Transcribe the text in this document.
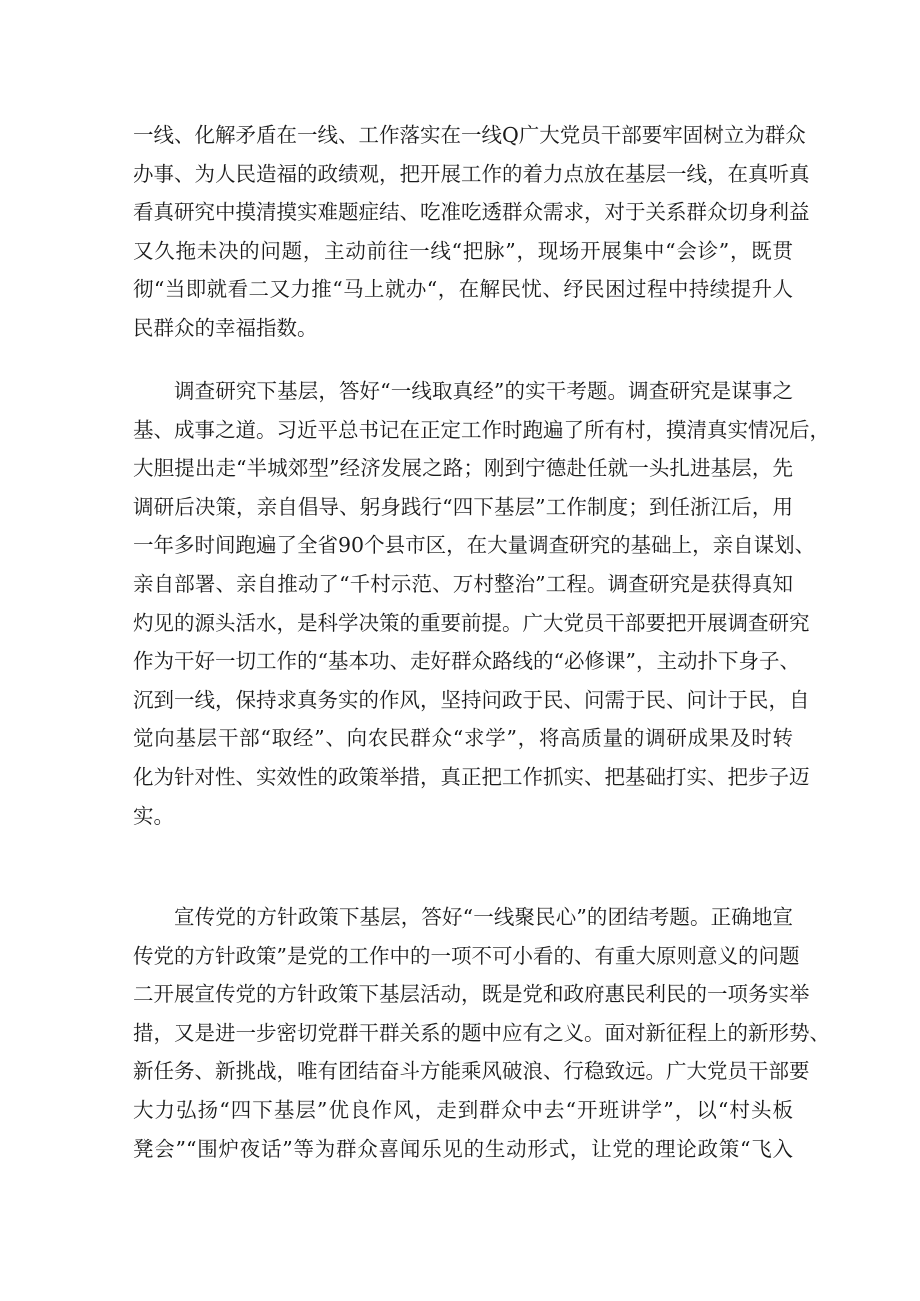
一线、化解矛盾在一线、工作落实在一线Q广大党员干部要牢固树立为群众
办事、为人民造福的政绩观，把开展工作的着力点放在基层一线，在真听真
看真研究中摸清摸实难题症结、吃准吃透群众需求，对于关系群众切身利益
又久拖未决的问题，主动前往一线“把脉”，现场开展集中“会诊”，既贯
彻“当即就看二又力推“马上就办“，在解民忧、纾民困过程中持续提升人
民群众的幸福指数。
调查研究下基层，答好“一线取真经”的实干考题。调查研究是谋事之
基、成事之道。习近平总书记在正定工作时跑遍了所有村，摸清真实情况后，
大胆提出走“半城郊型”经济发展之路；刚到宁德赴任就一头扎进基层，先
调研后决策，亲自倡导、躬身践行“四下基层”工作制度；到任浙江后，用
一年多时间跑遍了全省90个县市区，在大量调查研究的基础上，亲自谋划、
亲自部署、亲自推动了“千村示范、万村整治”工程。调查研究是获得真知
灼见的源头活水，是科学决策的重要前提。广大党员干部要把开展调查研究
作为干好一切工作的“基本功、走好群众路线的“必修课”，主动扑下身子、
沉到一线，保持求真务实的作风，坚持问政于民、问需于民、问计于民，自
觉向基层干部“取经”、向农民群众“求学”，将高质量的调研成果及时转
化为针对性、实效性的政策举措，真正把工作抓实、把基础打实、把步子迈
实。
宣传党的方针政策下基层，答好“一线聚民心”的团结考题。正确地宣
传党的方针政策”是党的工作中的一项不可小看的、有重大原则意义的问题
二开展宣传党的方针政策下基层活动，既是党和政府惠民利民的一项务实举
措，又是进一步密切党群干群关系的题中应有之义。面对新征程上的新形势、
新任务、新挑战，唯有团结奋斗方能乘风破浪、行稳致远。广大党员干部要
大力弘扬“四下基层”优良作风，走到群众中去“开班讲学”，以“村头板
凳会”“围炉夜话”等为群众喜闻乐见的生动形式，让党的理论政策“飞入
